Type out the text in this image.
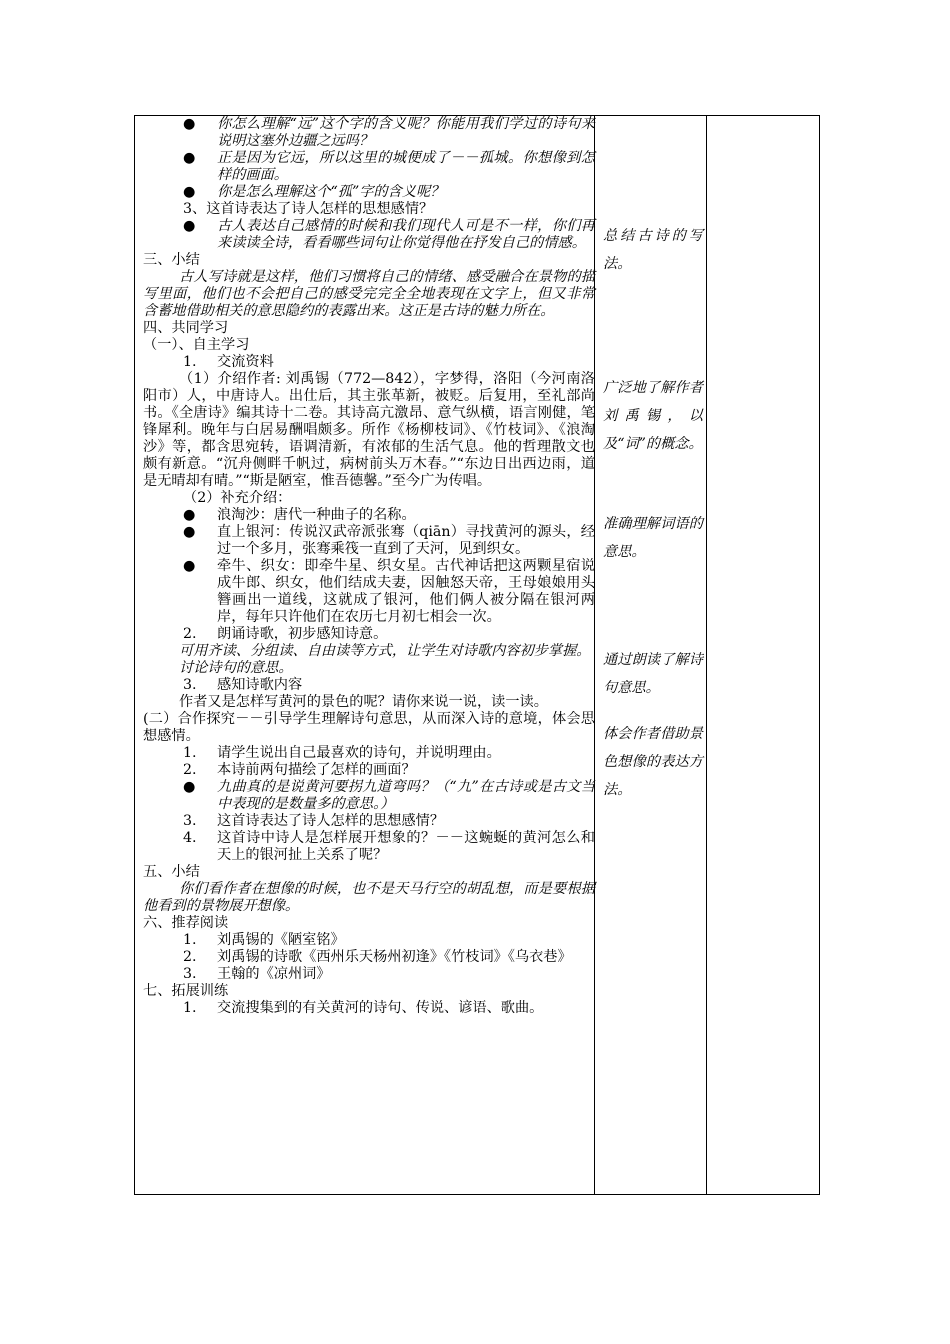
● 你怎么理解“远”这个字的含义呢？你能用我们学过的诗句来说明这塞外边疆之远吗？
● 正是因为它远，所以这里的城便成了－－孤城。你想像到怎样的画面。
● 你是怎么理解这个“孤”字的含义呢？
3、这首诗表达了诗人怎样的思想感情？
● 古人表达自己感情的时候和我们现代人可是不一样，你们再来读读全诗，看看哪些词句让你觉得他在抒发自己的情感。
三、小结
古人写诗就是这样，他们习惯将自己的情绪、感受融合在景物的描写里面，他们也不会把自己的感受完完全全地表现在文字上，但又非常含蓄地借助相关的意思隐约的表露出来。这正是古诗的魅力所在。
四、共同学习
（一）、自主学习
1. 交流资料
（1）介绍作者: 刘禹锡（772—842），字梦得，洛阳（今河南洛阳市）人，中唐诗人。出仕后，其主张革新，被贬。后复用，至礼部尚书。《全唐诗》编其诗十二卷。其诗高亢激昂、意气纵横，语言刚健，笔锋犀利。晚年与白居易酬唱颇多。所作《杨柳枝词》、《竹枝词》、《浪淘沙》等，都含思宛转，语调清新，有浓郁的生活气息。他的哲理散文也颇有新意。“沉舟侧畔千帆过，病树前头万木春。”“东边日出西边雨，道是无晴却有晴。”“斯是陋室，惟吾德馨。”至今广为传唱。
（2）补充介绍：
● 浪淘沙：唐代一种曲子的名称。
● 直上银河：传说汉武帝派张骞（qiān）寻找黄河的源头，经过一个多月，张骞乘筏一直到了天河，见到织女。
● 牵牛、织女：即牵牛星、织女星。古代神话把这两颗星宿说成牛郎、织女，他们结成夫妻，因触怒天帝，王母娘娘用头簪画出一道线，这就成了银河，他们俩人被分隔在银河两岸，每年只许他们在农历七月初七相会一次。
2. 朗诵诗歌，初步感知诗意。
可用齐读、分组读、自由读等方式，让学生对诗歌内容初步掌握。
讨论诗句的意思。
3. 感知诗歌内容
作者又是怎样写黄河的景色的呢？请你来说一说，读一读。
(二）合作探究－－引导学生理解诗句意思，从而深入诗的意境，体会思想感情。
1. 请学生说出自己最喜欢的诗句，并说明理由。
2. 本诗前两句描绘了怎样的画面？
● 九曲真的是说黄河要拐九道弯吗？（“九”在古诗或是古文当中表现的是数量多的意思。）
3. 这首诗表达了诗人怎样的思想感情？
4. 这首诗中诗人是怎样展开想象的？－－这蜿蜒的黄河怎么和天上的银河扯上关系了呢？
五、小结
你们看作者在想像的时候，也不是天马行空的胡乱想，而是要根据他看到的景物展开想像。
六、推荐阅读
1. 刘禹锡的《陋室铭》
2. 刘禹锡的诗歌《西州乐天杨州初逢》《竹枝词》《乌衣巷》
3. 王翰的《凉州词》
七、拓展训练
1. 交流搜集到的有关黄河的诗句、传说、谚语、歌曲。
总结古诗的写法。
广泛地了解作者刘禹锡，以及“词”的概念。
准确理解词语的意思。
通过朗读了解诗句意思。
体会作者借助景色想像的表达方法。
